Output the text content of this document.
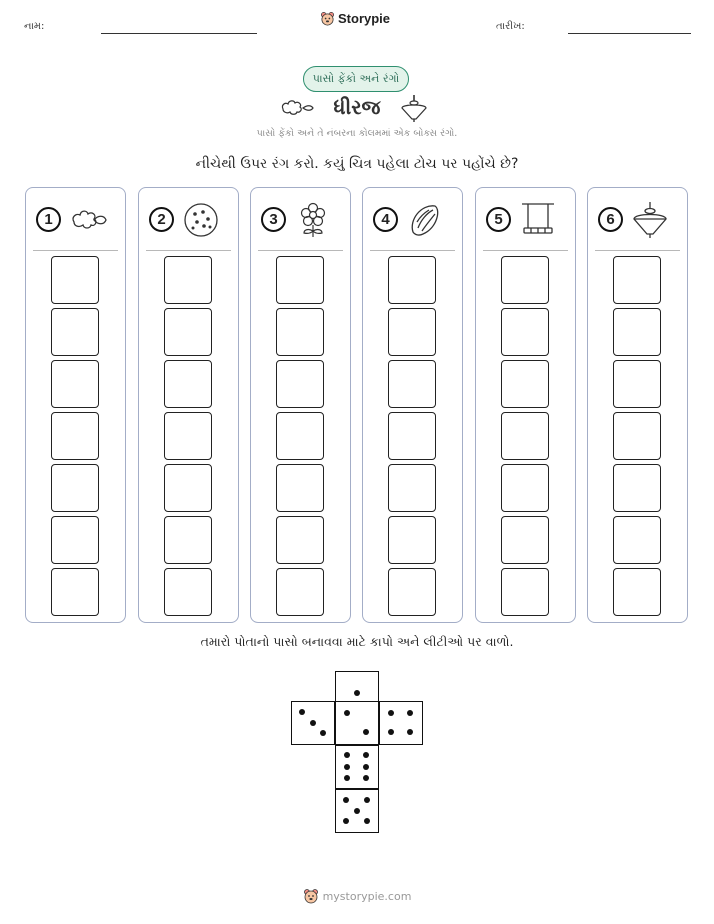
નામ:
Storypie
તારીખ:
પાસો ફેંકો અને રંગો
ધીરજ
પાસો ફેંકો અને તે નંબરના કોલમમાં એક બોક્સ રંગો.
નીચેથી ઉપર રંગ કરો. કયું ચિત્ર પહેલા ટોચ પર પહોંચે છે?
1	2	3	4	5	6
તમારો પોતાનો પાસો બનાવવા માટે કાપો અને લીટીઓ પર વાળો.
mystorypie.com
